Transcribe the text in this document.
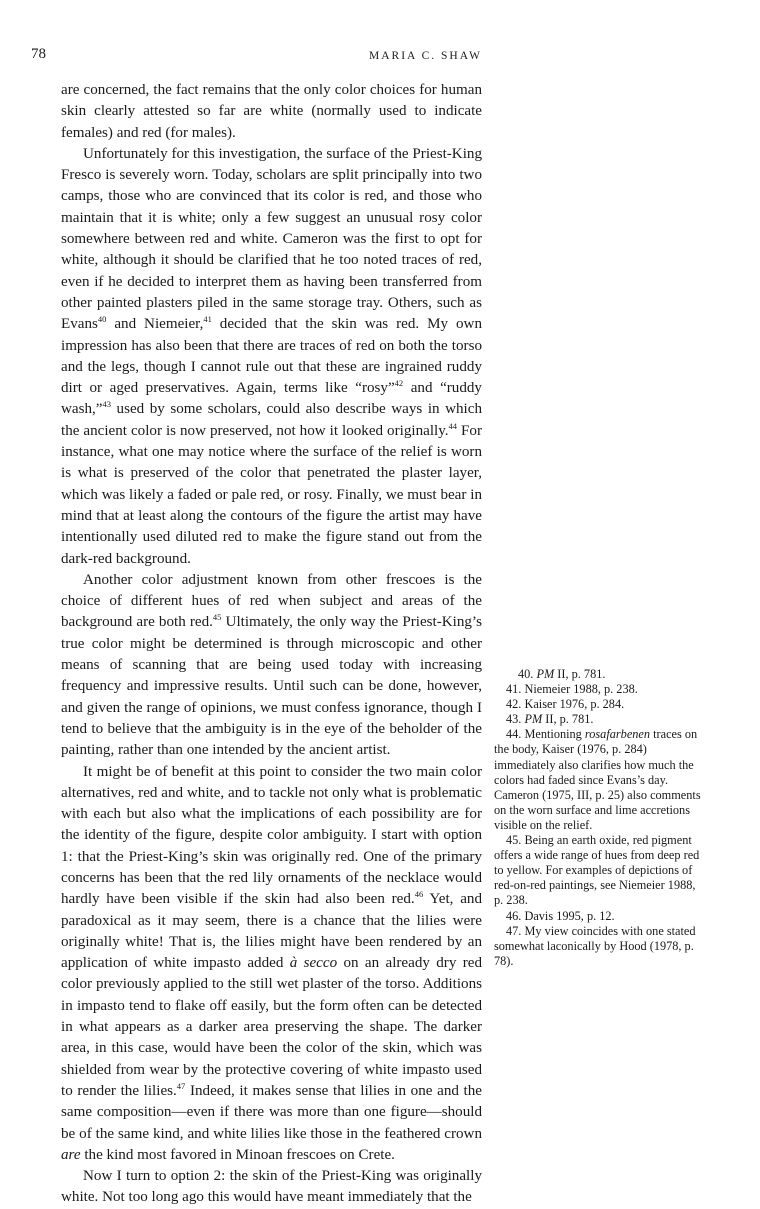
78	MARIA C. SHAW

are concerned, the fact remains that the only color choices for human skin clearly attested so far are white (normally used to indicate females) and red (for males).

Unfortunately for this investigation, the surface of the Priest-King Fresco is severely worn. Today, scholars are split principally into two camps, those who are convinced that its color is red, and those who maintain that it is white; only a few suggest an unusual rosy color somewhere between red and white. Cameron was the first to opt for white, although it should be clarified that he too noted traces of red, even if he decided to interpret them as having been transferred from other painted plasters piled in the same storage tray. Others, such as Evans$^{40}$ and Niemeier,$^{41}$ decided that the skin was red. My own impression has also been that there are traces of red on both the torso and the legs, though I cannot rule out that these are ingrained ruddy dirt or aged preservatives. Again, terms like “rosy”$^{42}$ and “ruddy wash,”$^{43}$ used by some scholars, could also describe ways in which the ancient color is now preserved, not how it looked originally.$^{44}$ For instance, what one may notice where the surface of the relief is worn is what is preserved of the color that penetrated the plaster layer, which was likely a faded or pale red, or rosy. Finally, we must bear in mind that at least along the contours of the figure the artist may have intentionally used diluted red to make the figure stand out from the dark-red background.

Another color adjustment known from other frescoes is the choice of different hues of red when subject and areas of the background are both red.$^{45}$ Ultimately, the only way the Priest-King’s true color might be determined is through microscopic and other means of scanning that are being used today with increasing frequency and impressive results. Until such can be done, however, and given the range of opinions, we must confess ignorance, though I tend to believe that the ambiguity is in the eye of the beholder of the painting, rather than one intended by the ancient artist.

It might be of benefit at this point to consider the two main color alternatives, red and white, and to tackle not only what is problematic with each but also what the implications of each possibility are for the identity of the figure, despite color ambiguity. I start with option 1: that the Priest-King’s skin was originally red. One of the primary concerns has been that the red lily ornaments of the necklace would hardly have been visible if the skin had also been red.$^{46}$ Yet, and paradoxical as it may seem, there is a chance that the lilies were originally white! That is, the lilies might have been rendered by an application of white impasto added à secco on an already dry red color previously applied to the still wet plaster of the torso. Additions in impasto tend to flake off easily, but the form often can be detected in what appears as a darker area preserving the shape. The darker area, in this case, would have been the color of the skin, which was shielded from wear by the protective covering of white impasto used to render the lilies.$^{47}$ Indeed, it makes sense that lilies in one and the same composition—even if there was more than one figure—should be of the same kind, and white lilies like those in the feathered crown are the kind most favored in Minoan frescoes on Crete.

Now I turn to option 2: the skin of the Priest-King was originally white. Not too long ago this would have meant immediately that the

40. PM II, p. 781.

41. Niemeier 1988, p. 238.

42. Kaiser 1976, p. 284.

43. PM II, p. 781.

44. Mentioning rosafarbenen traces on the body, Kaiser (1976, p. 284) immediately also clarifies how much the colors had faded since Evans’s day. Cameron (1975, III, p. 25) also comments on the worn surface and lime accretions visible on the relief.

45. Being an earth oxide, red pigment offers a wide range of hues from deep red to yellow. For examples of depictions of red-on-red paintings, see Niemeier 1988, p. 238.

46. Davis 1995, p. 12.

47. My view coincides with one stated somewhat laconically by Hood (1978, p. 78).
